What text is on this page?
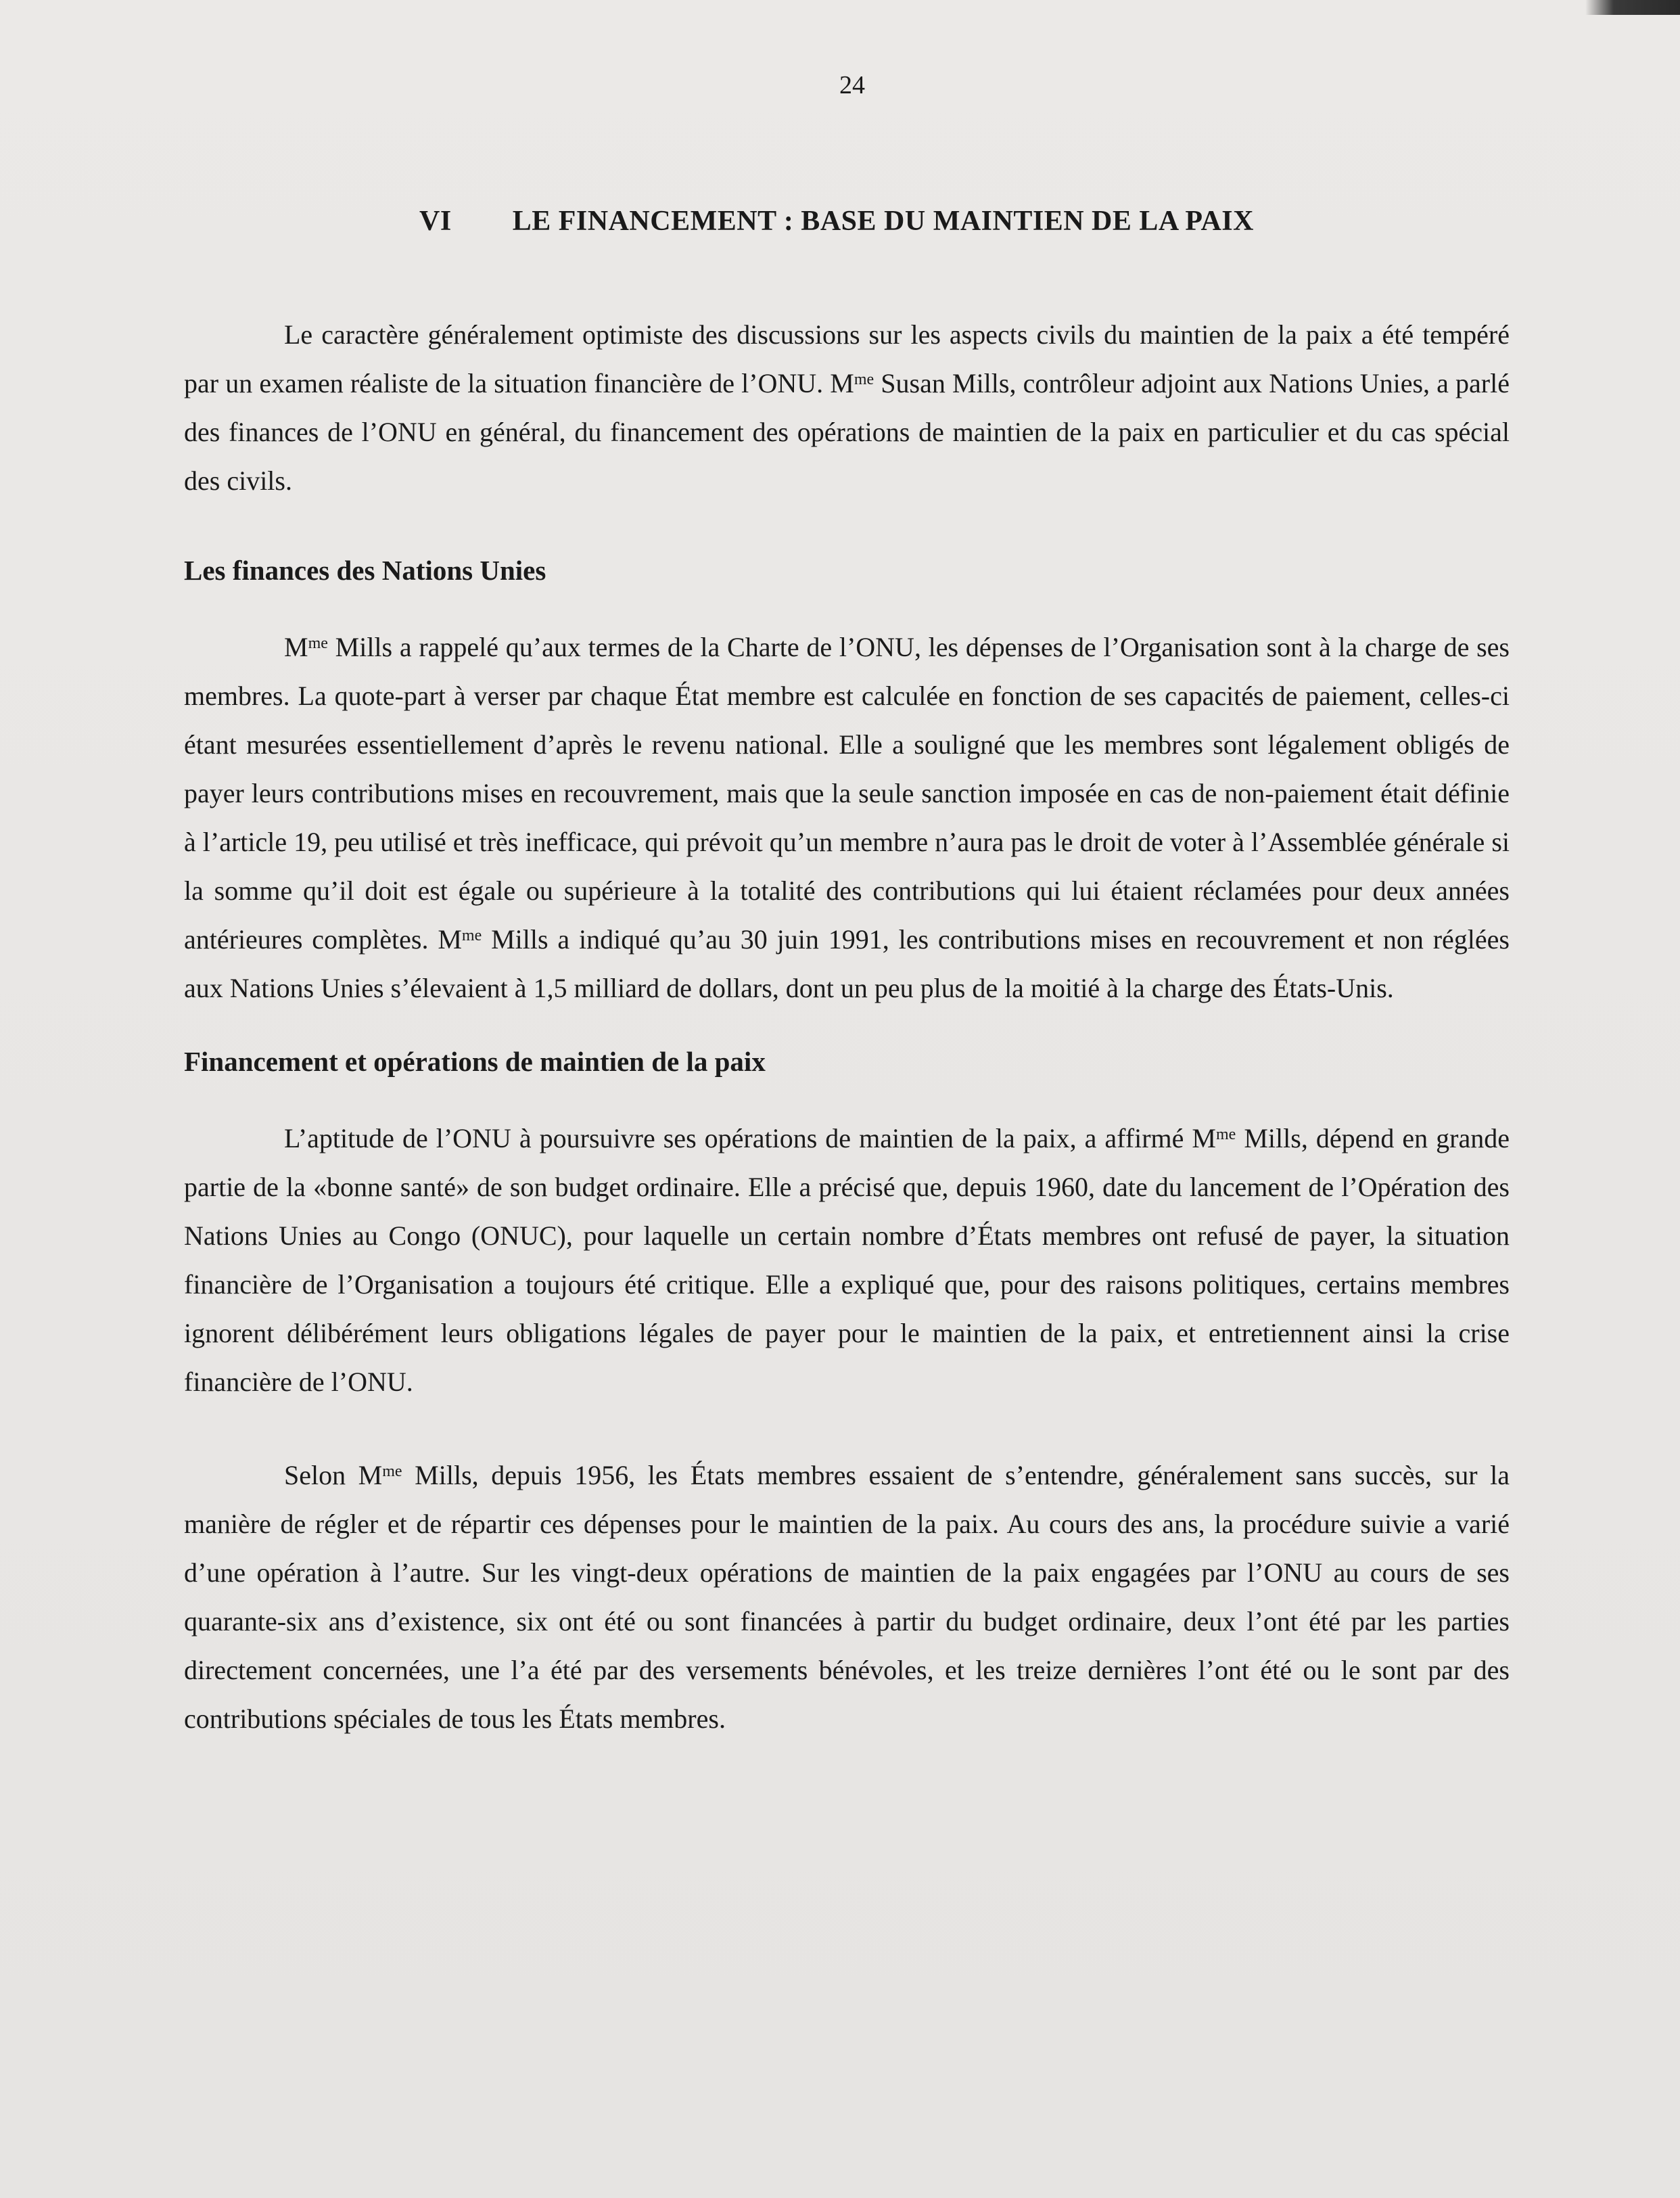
24
VI LE FINANCEMENT : BASE DU MAINTIEN DE LA PAIX

Le caractère généralement optimiste des discussions sur les aspects civils du maintien de la paix a été tempéré par un examen réaliste de la situation financière de l’ONU. $M^{me}$ Susan Mills, contrôleur adjoint aux Nations Unies, a parlé des finances de l’ONU en général, du financement des opérations de maintien de la paix en particulier et du cas spécial des civils.

Les finances des Nations Unies

$M^{me}$ Mills a rappelé qu’aux termes de la Charte de l’ONU, les dépenses de l’Organisation sont à la charge de ses membres. La quote-part à verser par chaque État membre est calculée en fonction de ses capacités de paiement, celles-ci étant mesurées essentiellement d’après le revenu national. Elle a souligné que les membres sont légalement obligés de payer leurs contributions mises en recouvrement, mais que la seule sanction imposée en cas de non-paiement était définie à l’article 19, peu utilisé et très inefficace, qui prévoit qu’un membre n’aura pas le droit de voter à l’Assemblée générale si la somme qu’il doit est égale ou supérieure à la totalité des contributions qui lui étaient réclamées pour deux années antérieures complètes. $M^{me}$ Mills a indiqué qu’au 30 juin 1991, les contributions mises en recouvrement et non réglées aux Nations Unies s’élevaient à 1,5 milliard de dollars, dont un peu plus de la moitié à la charge des États-Unis.

Financement et opérations de maintien de la paix

L’aptitude de l’ONU à poursuivre ses opérations de maintien de la paix, a affirmé $M^{me}$ Mills, dépend en grande partie de la «bonne santé» de son budget ordinaire. Elle a précisé que, depuis 1960, date du lancement de l’Opération des Nations Unies au Congo (ONUC), pour laquelle un certain nombre d’États membres ont refusé de payer, la situation financière de l’Organisation a toujours été critique. Elle a expliqué que, pour des raisons politiques, certains membres ignorent délibérément leurs obligations légales de payer pour le maintien de la paix, et entretiennent ainsi la crise financière de l’ONU.

Selon $M^{me}$ Mills, depuis 1956, les États membres essaient de s’entendre, généralement sans succès, sur la manière de régler et de répartir ces dépenses pour le maintien de la paix. Au cours des ans, la procédure suivie a varié d’une opération à l’autre. Sur les vingt-deux opérations de maintien de la paix engagées par l’ONU au cours de ses quarante-six ans d’existence, six ont été ou sont financées à partir du budget ordinaire, deux l’ont été par les parties directement concernées, une l’a été par des versements bénévoles, et les treize dernières l’ont été ou le sont par des contributions spéciales de tous les États membres.
